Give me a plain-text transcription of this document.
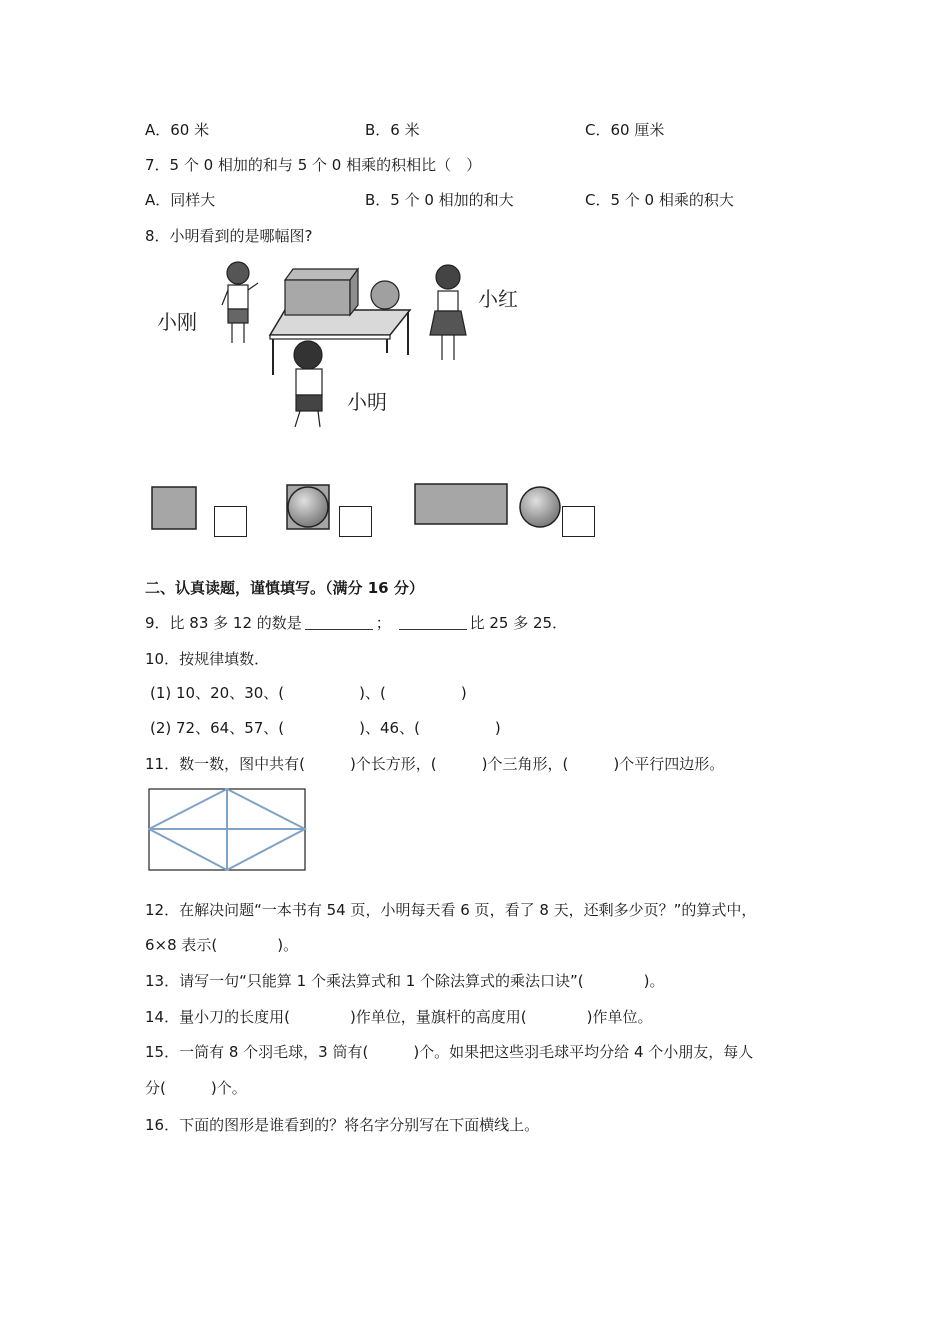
A．60 米	B．6 米	C．60 厘米
7．5 个 0 相加的和与 5 个 0 相乘的积相比（　）
A．同样大	B．5 个 0 相加的和大	C．5 个 0 相乘的积大
8．小明看到的是哪幅图?
小刚
小红
小明
二、认真读题，谨慎填写。（满分 16 分）
9．比 83 多 12 的数是	；	比 25 多 25．
10．按规律填数．
(1) 10、20、30、(　　　　　)、(　　　　　)
(2) 72、64、57、(　　　　　)、46、(　　　　　)
11．数一数，图中共有(　　　)个长方形，(　　　)个三角形，(　　　)个平行四边形。
12．在解决问题“一本书有 54 页，小明每天看 6 页，看了 8 天，还剩多少页？”的算式中，
6×8 表示(　　　　)。
13．请写一句“只能算 1 个乘法算式和 1 个除法算式的乘法口诀”(　　　　)。
14．量小刀的长度用(　　　　)作单位，量旗杆的高度用(　　　　)作单位。
15．一筒有 8 个羽毛球，3 筒有(　　　)个。如果把这些羽毛球平均分给 4 个小朋友，每人
分(　　　)个。
16．下面的图形是谁看到的？将名字分别写在下面横线上。
